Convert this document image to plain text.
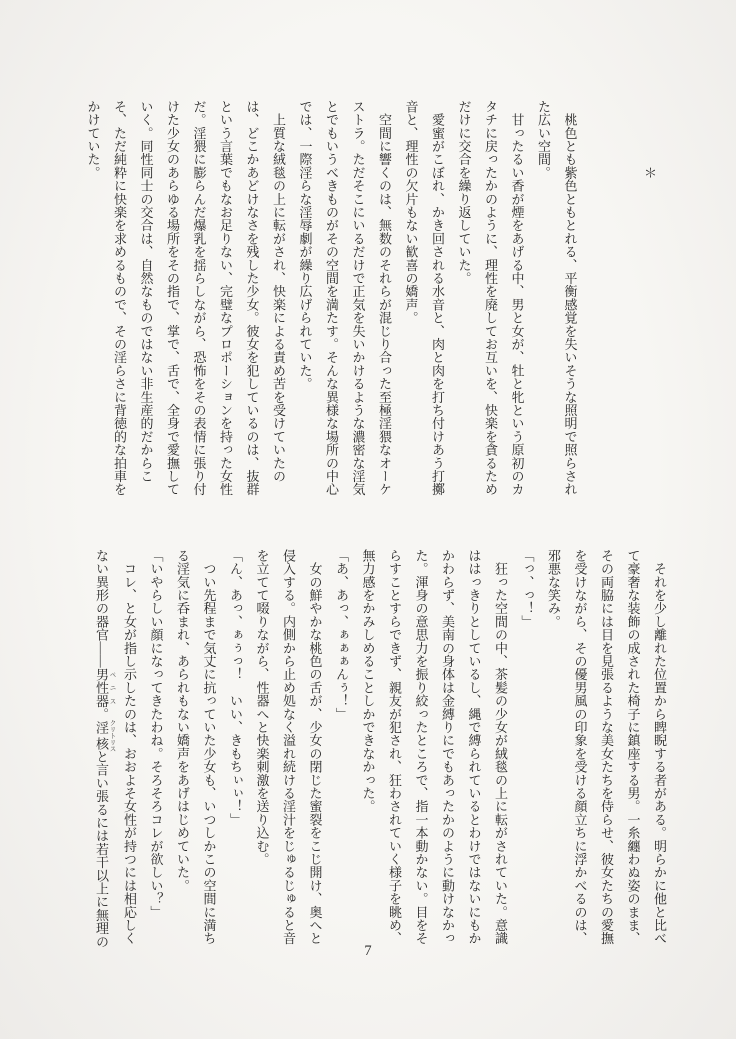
　　　　　＊

　桃色とも紫色ともとれる、平衡感覚を失いそうな照明で照らされ

た広い空間。

　甘ったるい香が煙をあげる中、男と女が、牡と牝という原初のカ

タチに戻ったかのように、理性を廃してお互いを、快楽を貪るため

だけに交合を繰り返していた。

　愛蜜がこぼれ、かき回される水音と、肉と肉を打ち付けあう打擲

音と、理性の欠片もない歓喜の嬌声。

　空間に響くのは、無数のそれらが混じり合った至極淫猥なオーケ

ストラ。ただそこにいるだけで正気を失いかけるような濃密な淫気

とでもいうべきものがその空間を満たす。そんな異様な場所の中心

では、一際淫らな淫辱劇が繰り広げられていた。

　上質な絨毯の上に転がされ、快楽による責め苦を受けていたの

は、どこかあどけなさを残した少女。彼女を犯しているのは、抜群

という言葉でもなお足りない、完璧なプロポーションを持った女性

だ。淫猥に膨らんだ爆乳を揺らしながら、恐怖をその表情に張り付

けた少女のあらゆる場所をその指で、掌で、舌で、全身で愛撫して

いく。同性同士の交合は、自然なものではない非生産的だからこ

そ、ただ純粋に快楽を求めるもので、その淫らさに背徳的な拍車を

かけていた。

　それを少し離れた位置から睥睨する者がある。明らかに他と比べ

て豪奢な装飾の成された椅子に鎮座する男。一糸纏わぬ姿のまま、

その両脇には目を見張るような美女たちを侍らせ、彼女たちの愛撫

を受けながら、その優男風の印象を受ける顔立ちに浮かべるのは、

邪悪な笑み。

「っ、っ！」

　狂った空間の中、茶髪の少女が絨毯の上に転がされていた。意識

ははっきりとしているし、縄で縛られているとわけではないにもか

かわらず、美南の身体は金縛りにでもあったかのように動けなかっ

た。渾身の意思力を振り絞ったところで、指一本動かない。目をそ

らすことすらできず、親友が犯され、狂わされていく様子を眺め、

無力感をかみしめることしかできなかった。

「あ、あっ、ぁぁぁんぅ！」

　女の鮮やかな桃色の舌が、少女の閉じた蜜裂をこじ開け、奥へと

侵入する。内側から止め処なく溢れ続ける淫汁をじゅるじゅると音

を立てて啜りながら、性器へと快楽刺激を送り込む。

「ん、あっ、ぁぅっ！　いい、きもちぃぃ！」

　つい先程まで気丈に抗っていた少女も、いつしかこの空間に満ち

る淫気に呑まれ、あられもない嬌声をあげはじめていた。

「いやらしい顔になってきたわね。そろそろコレが欲しい？」

　コレ、と女が指し示したのは、おおよそ女性が持つには相応しく

ない異形の器官――男性器 ペニス。淫核 クリトリスと言い張るには若干以上に無理の

7
